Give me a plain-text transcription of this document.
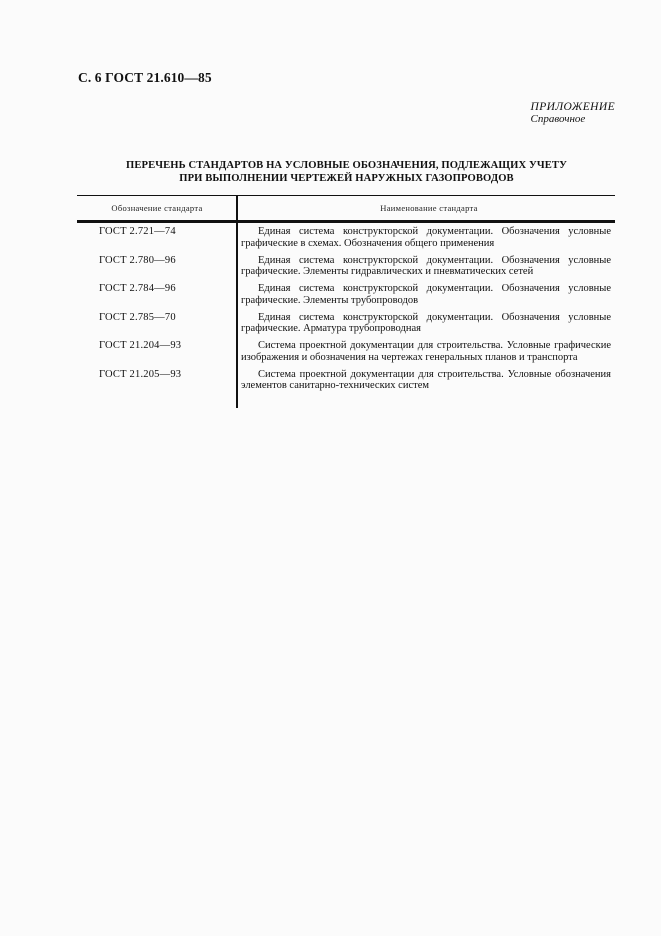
С. 6 ГОСТ 21.610—85
ПРИЛОЖЕНИЕ

Справочное
ПЕРЕЧЕНЬ СТАНДАРТОВ НА УСЛОВНЫЕ ОБОЗНАЧЕНИЯ, ПОДЛЕЖАЩИХ УЧЕТУ
ПРИ ВЫПОЛНЕНИИ ЧЕРТЕЖЕЙ НАРУЖНЫХ ГАЗОПРОВОДОВ
Обозначение стандарта	Наименование стандарта
ГОСТ 2.721—74	Единая система конструкторской документации. Обозначения условные графические в схемах. Обозначения общего применения
ГОСТ 2.780—96	Единая система конструкторской документации. Обозначения условные графические. Элементы гидравлических и пневматических сетей
ГОСТ 2.784—96	Единая система конструкторской документации. Обозначения условные графические. Элементы трубопроводов
ГОСТ 2.785—70	Единая система конструкторской документации. Обозначения условные графические. Арматура трубопроводная
ГОСТ 21.204—93	Система проектной документации для строительства. Условные графические изображения и обозначения на чертежах генеральных планов и транспорта
ГОСТ 21.205—93	Система проектной документации для строительства. Условные обозначения элементов санитарно-технических систем
